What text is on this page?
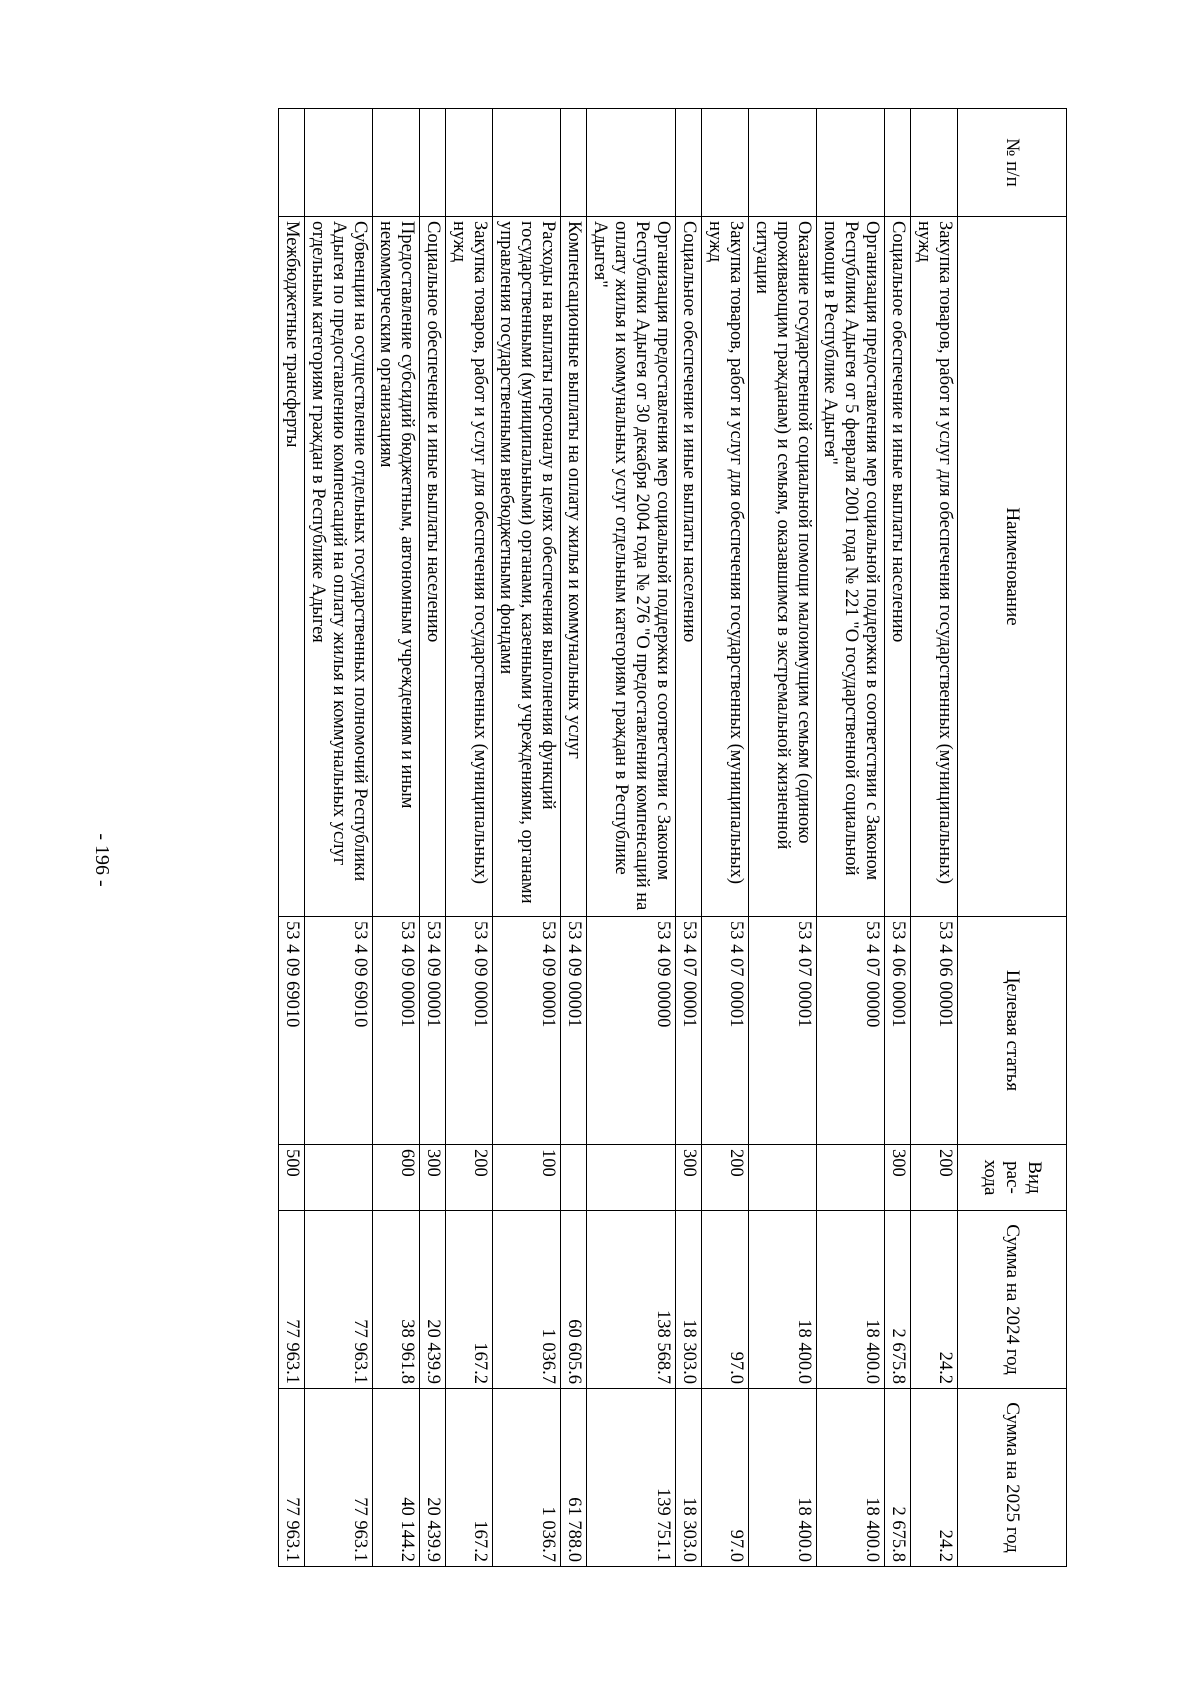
- 196 -
№ п/п	Наименование	Целевая статья	Вид рас- хода	Сумма на 2024 год	Сумма на 2025 год
	Закупка товаров, работ и услуг для обеспечения государственных (муниципальных) нужд	53 4 06 00001	200	24.2	24.2
	Социальное обеспечение и иные выплаты населению	53 4 06 00001	300	2 675.8	2 675.8
	Организация предоставления мер социальной поддержки в соответствии с Законом Республики Адыгея от 5 февраля 2001 года № 221 "О государственной социальной помощи в Республике Адыгея"	53 4 07 00000		18 400.0	18 400.0
	Оказание государственной социальной помощи малоимущим семьям (одиноко проживающим гражданам) и семьям, оказавшимся в экстремальной жизненной ситуации	53 4 07 00001		18 400.0	18 400.0
	Закупка товаров, работ и услуг для обеспечения государственных (муниципальных) нужд	53 4 07 00001	200	97.0	97.0
	Социальное обеспечение и иные выплаты населению	53 4 07 00001	300	18 303.0	18 303.0
	Организация предоставления мер социальной поддержки в соответствии с Законом Республики Адыгея от 30 декабря 2004 года № 276 "О предоставлении компенсаций на оплату жилья и коммунальных услуг отдельным категориям граждан в Республике Адыгея"	53 4 09 00000		138 568.7	139 751.1
	Компенсационные выплаты на оплату жилья и коммунальных услуг	53 4 09 00001		60 605.6	61 788.0
	Расходы на выплаты персоналу в целях обеспечения выполнения функций государственными (муниципальными) органами, казенными учреждениями, органами управления государственными внебюджетными фондами	53 4 09 00001	100	1 036.7	1 036.7
	Закупка товаров, работ и услуг для обеспечения государственных (муниципальных) нужд	53 4 09 00001	200	167.2	167.2
	Социальное обеспечение и иные выплаты населению	53 4 09 00001	300	20 439.9	20 439.9
	Предоставление субсидий бюджетным, автономным учреждениям и иным некоммерческим организациям	53 4 09 00001	600	38 961.8	40 144.2
	Субвенции на осуществление отдельных государственных полномочий Республики Адыгея по предоставлению компенсаций на оплату жилья и коммунальных услуг отдельным категориям граждан в Республике Адыгея	53 4 09 69010		77 963.1	77 963.1
	Межбюджетные трансферты	53 4 09 69010	500	77 963.1	77 963.1
